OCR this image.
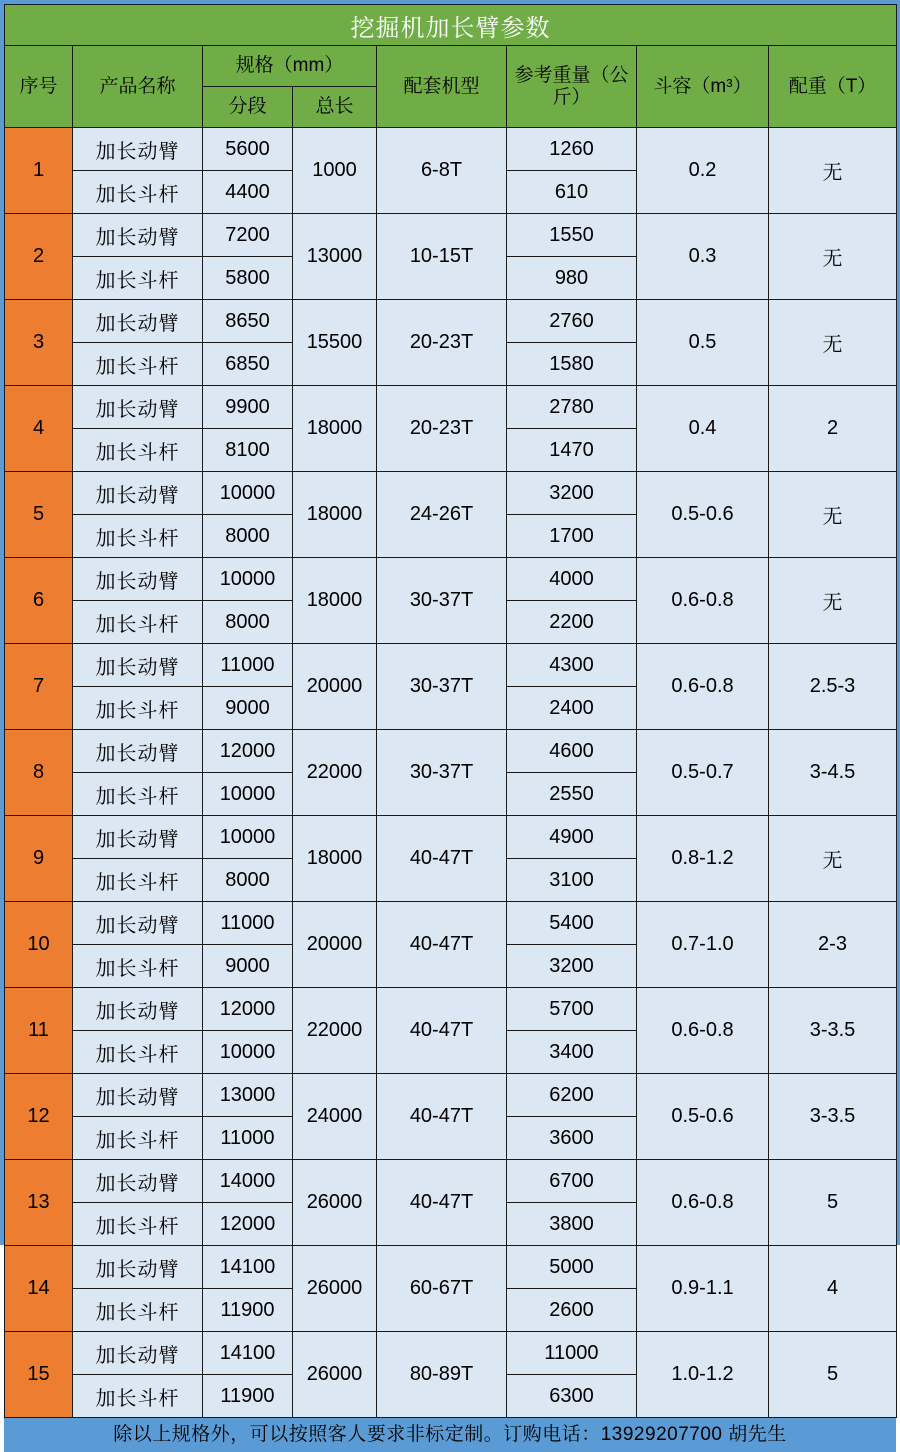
挖掘机加长臂参数							
序号	产品名称	规格（mm）		配套机型	参考重量（公斤）	斗容（m³）	配重（T）
		分段	总长				
1	加长动臂	5600	1000	6-8T	1260	0.2	无
	加长斗杆	4400			610		
2	加长动臂	7200	13000	10-15T	1550	0.3	无
	加长斗杆	5800			980		
3	加长动臂	8650	15500	20-23T	2760	0.5	无
	加长斗杆	6850			1580		
4	加长动臂	9900	18000	20-23T	2780	0.4	2
	加长斗杆	8100			1470		
5	加长动臂	10000	18000	24-26T	3200	0.5-0.6	无
	加长斗杆	8000			1700		
6	加长动臂	10000	18000	30-37T	4000	0.6-0.8	无
	加长斗杆	8000			2200		
7	加长动臂	11000	20000	30-37T	4300	0.6-0.8	2.5-3
	加长斗杆	9000			2400		
8	加长动臂	12000	22000	30-37T	4600	0.5-0.7	3-4.5
	加长斗杆	10000			2550		
9	加长动臂	10000	18000	40-47T	4900	0.8-1.2	无
	加长斗杆	8000			3100		
10	加长动臂	11000	20000	40-47T	5400	0.7-1.0	2-3
	加长斗杆	9000			3200		
11	加长动臂	12000	22000	40-47T	5700	0.6-0.8	3-3.5
	加长斗杆	10000			3400		
12	加长动臂	13000	24000	40-47T	6200	0.5-0.6	3-3.5
	加长斗杆	11000			3600		
13	加长动臂	14000	26000	40-47T	6700	0.6-0.8	5
	加长斗杆	12000			3800		
14	加长动臂	14100	26000	60-67T	5000	0.9-1.1	4
	加长斗杆	11900			2600		
15	加长动臂	14100	26000	80-89T	11000	1.0-1.2	5
	加长斗杆	11900			6300		
除以上规格外，可以按照客人要求非标定制。订购电话：13929207700 胡先生
